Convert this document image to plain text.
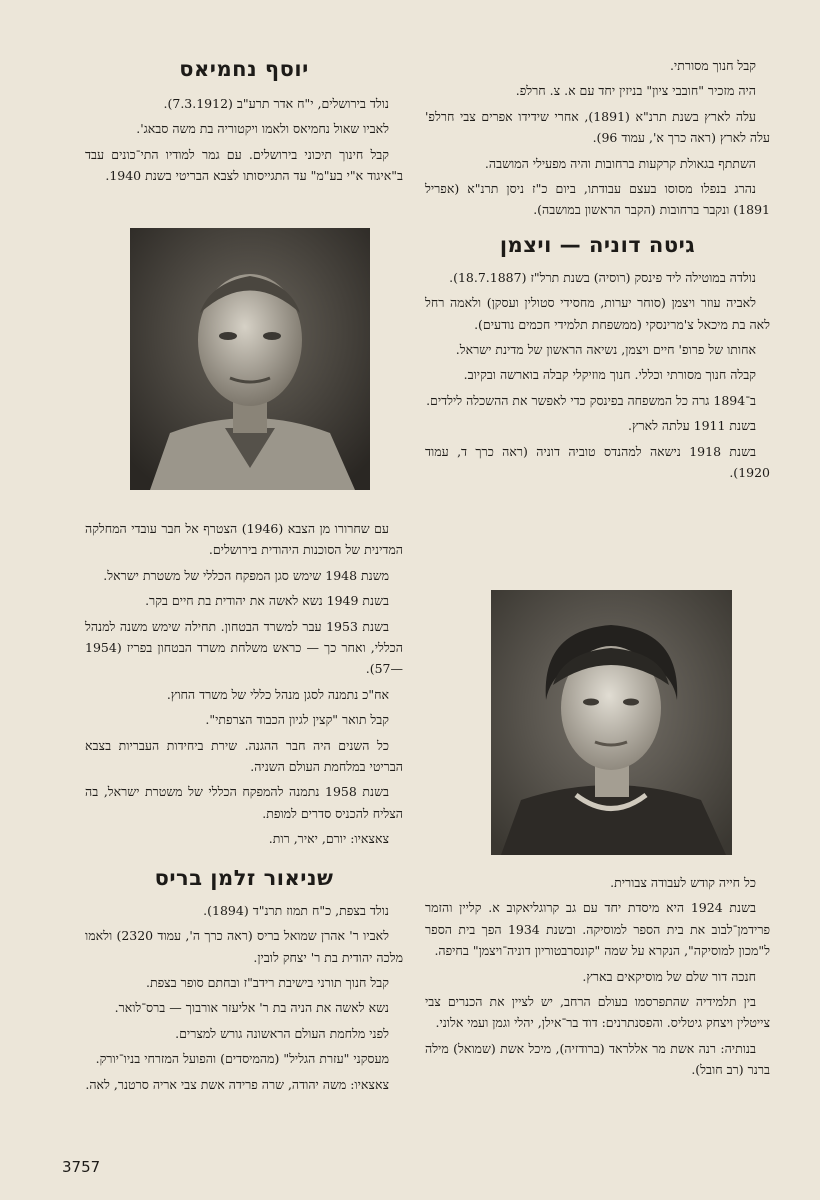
קבל חנוך מסורתי.

היה מזכיר "חובבי ציון" בניזין יחד עם א. צ. חרלפ.

עלה לארץ בשנת תרנ"א (1891), אחרי שידידו אפרים צבי חרלפ' עלה לארץ (ראה כרך א', עמוד 96).

השתתף בגאולת קרקעות ברחובות והיה מפעילי המושבה.

נהרג בנפלו מסוסו בעצם עבודתו, ביום כ"ז ניסן תרנ"א (אפריל 1891) ונקבר ברחובות (הקבר הראשון במושבה).

גיטה דוניה — ויצמן

נולדה במוטילה ליד פינסק (רוסיה) בשנת תרל"ז (18.7.1887).

לאביה עוזר ויצמן (סוחר יערות, מחסידי סטולין ועסקן) ולאמה רחל לאה בת מיכאל צ'מרינסקי (ממשפחת תלמידי חכמים נודעים).

אחותו של פרופ' חיים ויצמן, נשיאה הראשון של מדינת ישראל.

קבלה חנוך מסורתי וכללי. חנוך מוזיקלי קבלה בוארשה ובקיוב.

ב־1894 גרה כל המשפחה בפינסק כדי לאפשר את ההשכלה לילדים.

בשנת 1911 עלתה לארץ.

בשנת 1918 נישאה למהנדס טוביה דוניה (ראה כרך ד, עמוד 1920).

כל חייה קודש לעבודה צבורית.

בשנת 1924 היא מיסדת יחד עם גב קרוגליאקוב א. קליין והזמר פרידמן־לבוב את בית הספר למוסיקה. ובשנת 1934 הפך בית הספר ל"מכון למוסיקה", הנקרא על שמה "קונסרבטוריון דוניה־ויצמן" בחיפה.

חנכה דור שלם של מוסיקאים בארץ.

בין תלמידיה שהתפרסמו בעולם הרחב, יש לציין את הכנרים צבי צייטלין ויצחק גיטליס. והפסנתרנים: דוד בר־אילן, יהלי וגמן ועמי אלוני.

בנותיה: רנה אשת מר אללראד (ברודזיה), מיכל אשת (שמואל) מילה ברנר (רב חובל).

יוסף נחמיאס

נולד בירושלים, י"ח אדר תרע"ב (7.3.1912).

לאביו שאול נחמיאס ולאמו ויקטוריה בת משה סבאג'.

קבל חינוך תיכוני בירושלים. עם גמר למודיו התי־כונים עבד ב"איגוד א"י בע"מ" עד התגייסותו לצבא הבריטי בשנת 1940.

עם שחרורו מן הצבא (1946) הצטרף אל חבר עובדי המחלקה המדינית של הסוכנות היהודית בירושלים.

משנת 1948 שימש סגן המפקח הכללי של משטרת ישראל.

בשנת 1949 נשא לאשה את יהודית בת חיים בקר.

בשנת 1953 עבר למשרד הבטחון. תחילה שימש משנה למנהל הכללי, ואחר כך — כראש משלחת משרד הבטחון בפריז (1954—57).

אח"כ נתמנה לסגן מנהל כללי של משרד החוץ.

קבל תואר "קצין לגיון הכבוד הצרפתי".

כל השנים היה חבר ההגנה. שירת ביחידות העבריות בצבא הבריטי במלחמת העולם השניה.

בשנת 1958 נתמנה להמפקח הכללי של משטרת ישראל, בה הצליח להכניס סדרים למופת.

צאצאיו: יורם, יאיר, רות.

שניאור זלמן בריס

נולד בצפת, כ"ח תמוז תרנ"ד (1894).

לאביו ר' אהרן שמואל בריס (ראה כרך ה', עמוד 2320) ולאמו מלכה יהודית בת ר' יצחק לובין.

קבל חנוך תורני בישיבת רידב"ז ובחתם סופר בצפת.

נשא לאשה את הניה בת ר' אליעזר אורבוך — ברס־לואר.

לפני מלחמת העולם הראשונה גורש למצרים.

מעסקני "עזרת הגליל" (מהמיסדים) והפועל המזרחי בניו־יורק.

צאצאיו: משה יהודה, שרה פרידה אשת צבי אריה סרטנר, לאה.

3757
